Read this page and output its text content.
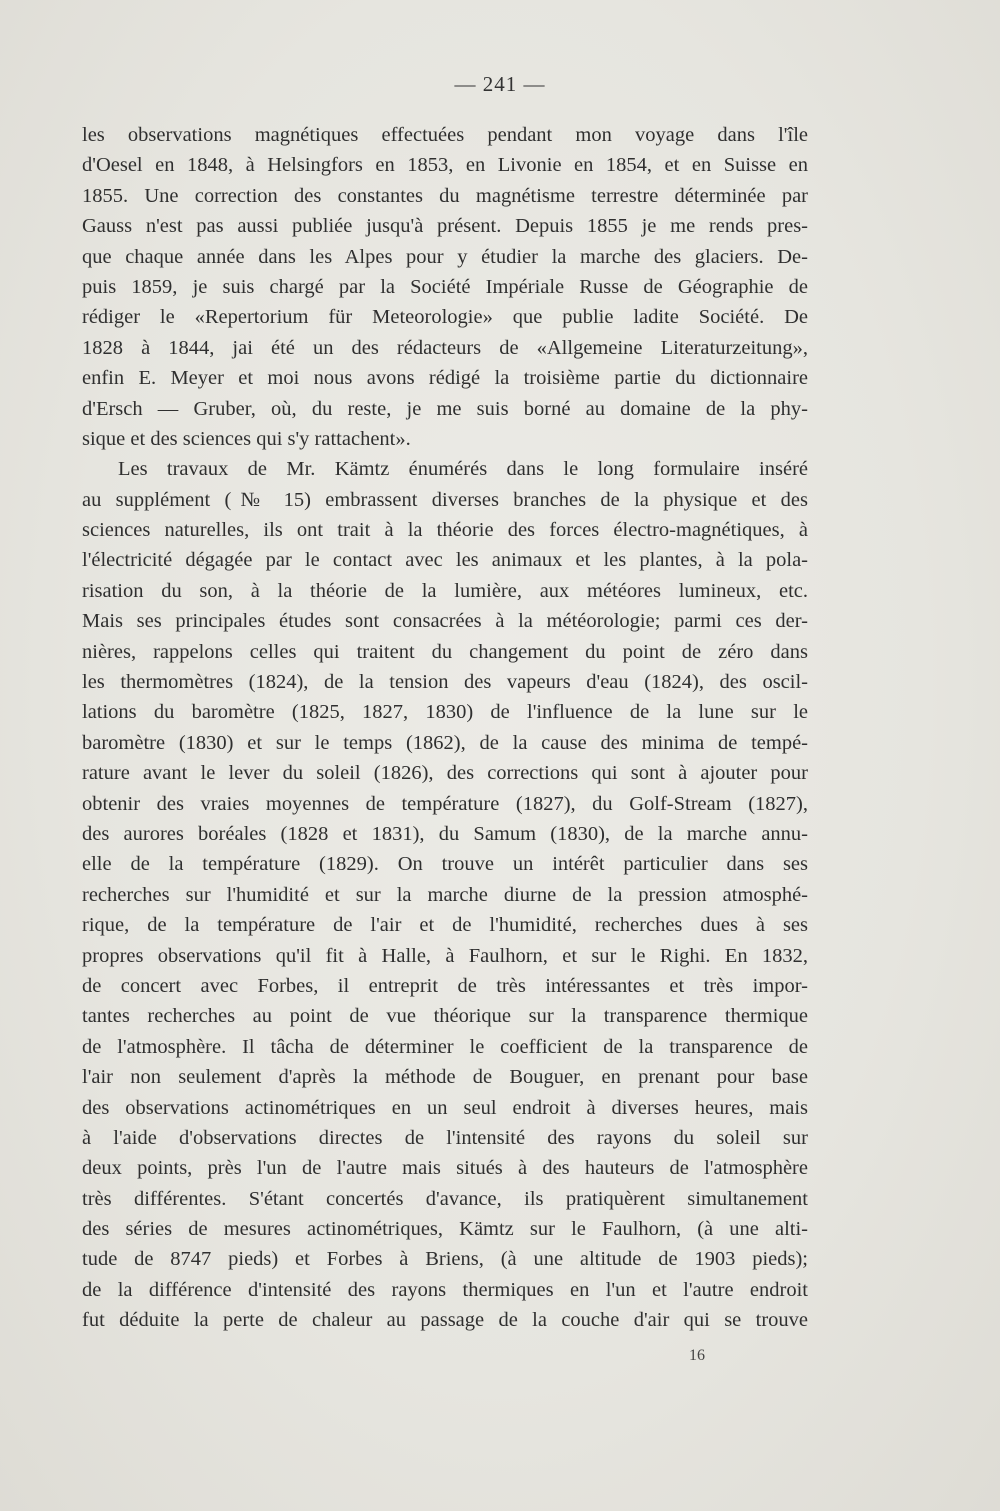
— 241 —
les observations magnétiques effectuées pendant mon voyage dans l'île
d'Oesel en 1848, à Helsingfors en 1853, en Livonie en 1854, et en Suisse en
1855. Une correction des constantes du magnétisme terrestre déterminée par
Gauss n'est pas aussi publiée jusqu'à présent. Depuis 1855 je me rends pres-
que chaque année dans les Alpes pour y étudier la marche des glaciers. De-
puis 1859, je suis chargé par la Société Impériale Russe de Géographie de
rédiger le «Repertorium für Meteorologie» que publie ladite Société. De
1828 à 1844, jai été un des rédacteurs de «Allgemeine Literaturzeitung»,
enfin E. Meyer et moi nous avons rédigé la troisième partie du dictionnaire
d'Ersch — Gruber, où, du reste, je me suis borné au domaine de la phy-
sique et des sciences qui s'y rattachent».
Les travaux de Mr. Kämtz énumérés dans le long formulaire inséré
au supplément (№ 15) embrassent diverses branches de la physique et des
sciences naturelles, ils ont trait à la théorie des forces électro-magnétiques, à
l'électricité dégagée par le contact avec les animaux et les plantes, à la pola-
risation du son, à la théorie de la lumière, aux météores lumineux, etc.
Mais ses principales études sont consacrées à la météorologie; parmi ces der-
nières, rappelons celles qui traitent du changement du point de zéro dans
les thermomètres (1824), de la tension des vapeurs d'eau (1824), des oscil-
lations du baromètre (1825, 1827, 1830) de l'influence de la lune sur le
baromètre (1830) et sur le temps (1862), de la cause des minima de tempé-
rature avant le lever du soleil (1826), des corrections qui sont à ajouter pour
obtenir des vraies moyennes de température (1827), du Golf-Stream (1827),
des aurores boréales (1828 et 1831), du Samum (1830), de la marche annu-
elle de la température (1829). On trouve un intérêt particulier dans ses
recherches sur l'humidité et sur la marche diurne de la pression atmosphé-
rique, de la température de l'air et de l'humidité, recherches dues à ses
propres observations qu'il fit à Halle, à Faulhorn, et sur le Righi. En 1832,
de concert avec Forbes, il entreprit de très intéressantes et très impor-
tantes recherches au point de vue théorique sur la transparence thermique
de l'atmosphère. Il tâcha de déterminer le coefficient de la transparence de
l'air non seulement d'après la méthode de Bouguer, en prenant pour base
des observations actinométriques en un seul endroit à diverses heures, mais
à l'aide d'observations directes de l'intensité des rayons du soleil sur
deux points, près l'un de l'autre mais situés à des hauteurs de l'atmosphère
très différentes. S'étant concertés d'avance, ils pratiquèrent simultanement
des séries de mesures actinométriques, Kämtz sur le Faulhorn, (à une alti-
tude de 8747 pieds) et Forbes à Briens, (à une altitude de 1903 pieds);
de la différence d'intensité des rayons thermiques en l'un et l'autre endroit
fut déduite la perte de chaleur au passage de la couche d'air qui se trouve
16
